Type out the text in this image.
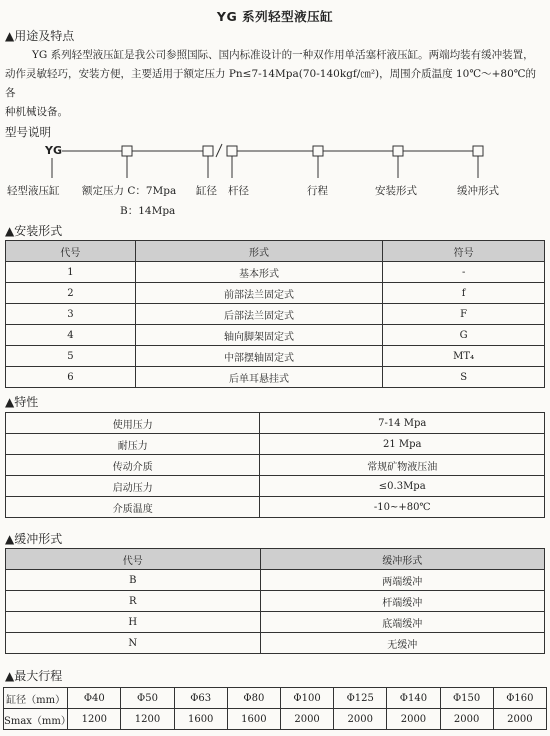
YG 系列轻型液压缸
▲用途及特点

YG 系列轻型液压缸是我公司参照国际、国内标准设计的一种双作用单活塞杆液压缸。两端均装有缓冲装置，

动作灵敏轻巧，安装方便，主要适用于额定压力 Pn≤7-14Mpa(70-140kgf/㎝²)，周围介质温度 10℃～+80℃的各

种机械设备。

型号说明
YG
轻型液压缸 额定压力 C：7Mpa
B：14Mpa
缸径 杆径	行程	安装形式	缓冲形式
▲安装形式
代号	形式	符号
1	基本形式	-
2	前部法兰固定式	f
3	后部法兰固定式	F
4	轴向脚架固定式	G
5	中部摆轴固定式	MT₄
6	后单耳悬挂式	S
▲特性
使用压力	7-14 Mpa
耐压力	21 Mpa
传动介质	常规矿物液压油
启动压力	≤0.3Mpa
介质温度	-10~+80℃
▲缓冲形式
代号	缓冲形式
B	两端缓冲
R	杆端缓冲
H	底端缓冲
N	无缓冲
▲最大行程
缸径（mm）	Φ40	Φ50	Φ63	Φ80	Φ100	Φ125	Φ140	Φ150	Φ160
Smax（mm）	1200	1200	1600	1600	2000	2000	2000	2000	2000
